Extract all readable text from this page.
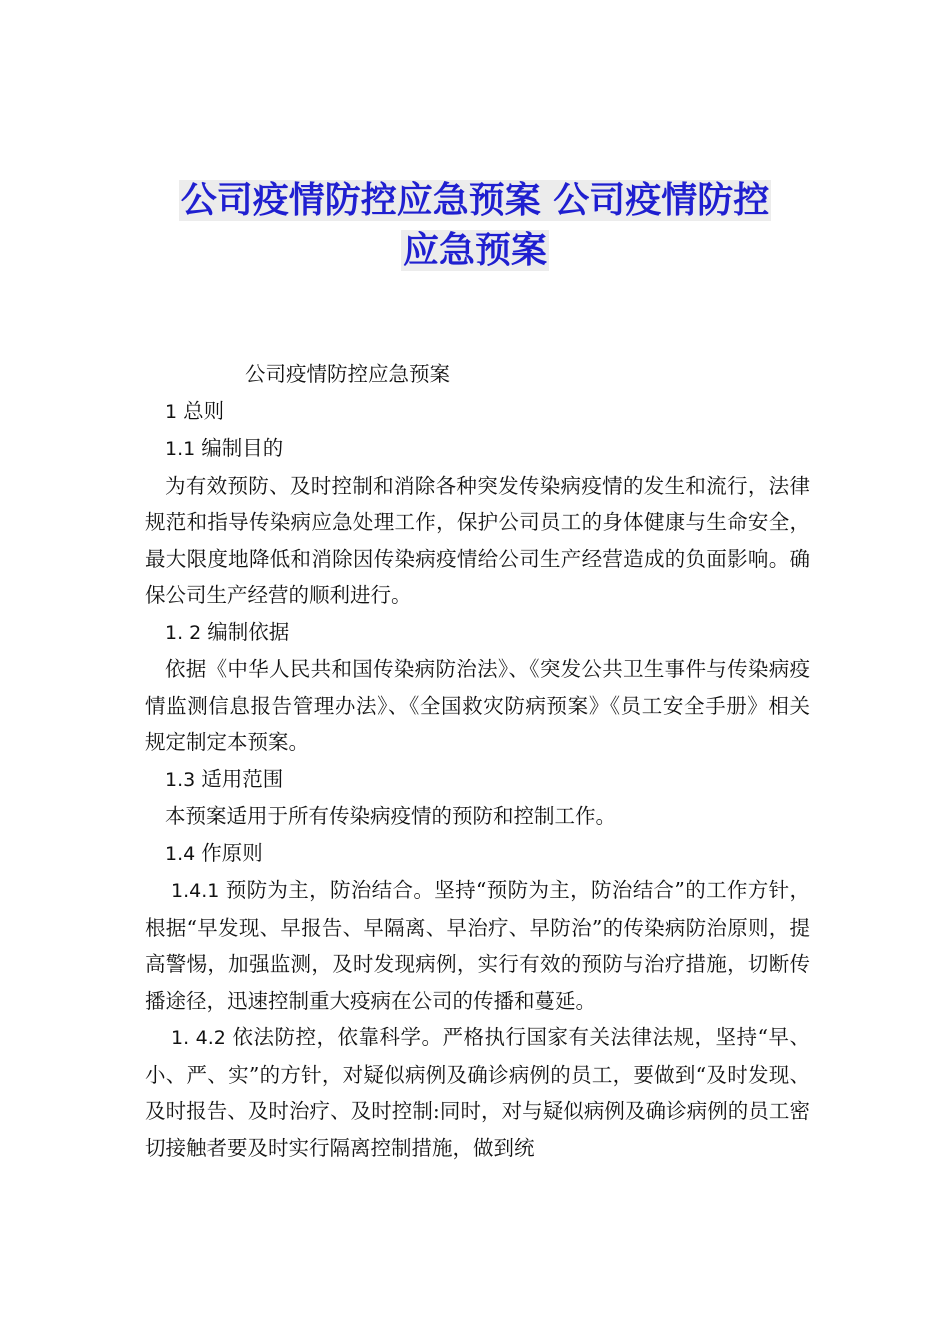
公司疫情防控应急预案 公司疫情防控
应急预案

公司疫情防控应急预案

1 总则

1.1 编制目的

为有效预防、及时控制和消除各种突发传染病疫情的发生和流行，法律规范和指导传染病应急处理工作，保护公司员工的身体健康与生命安全，最大限度地降低和消除因传染病疫情给公司生产经营造成的负面影响。确保公司生产经营的顺利进行。

1. 2 编制依据

依据《中华人民共和国传染病防治法》、《突发公共卫生事件与传染病疫情监测信息报告管理办法》、《全国救灾防病预案》《员工安全手册》相关规定制定本预案。

1.3 适用范围

本预案适用于所有传染病疫情的预防和控制工作。

1.4 作原则

1.4.1 预防为主，防治结合。坚持“预防为主，防治结合”的工作方针，根据“早发现、早报告、早隔离、早治疗、早防治”的传染病防治原则，提高警惕，加强监测，及时发现病例，实行有效的预防与治疗措施，切断传播途径，迅速控制重大疫病在公司的传播和蔓延。

1. 4.2 依法防控，依靠科学。严格执行国家有关法律法规，坚持“早、小、严、实”的方针，对疑似病例及确诊病例的员工，要做到“及时发现、及时报告、及时治疗、及时控制:同时，对与疑似病例及确诊病例的员工密切接触者要及时实行隔离控制措施，做到统
